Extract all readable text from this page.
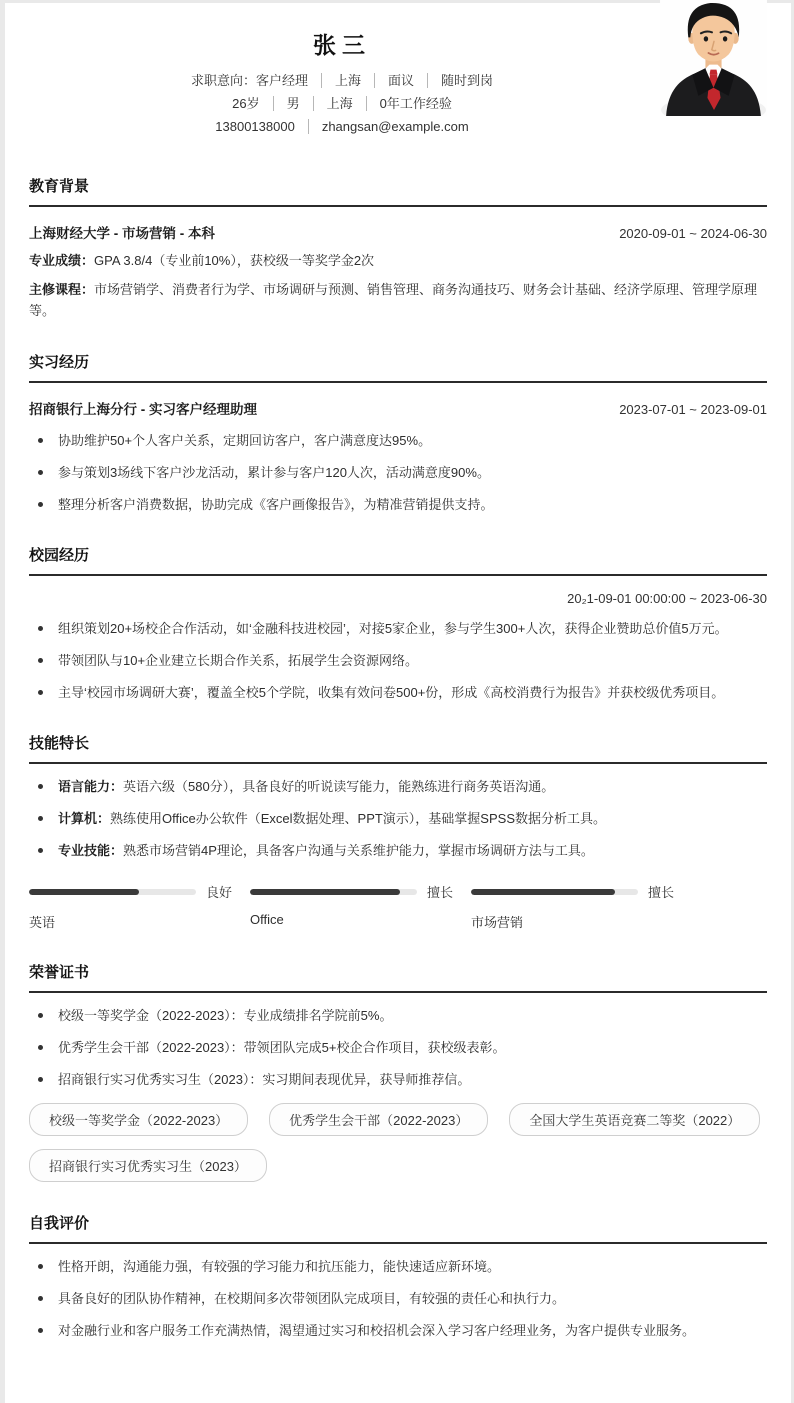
张三
求职意向：客户经理	上海	面议	随时到岗
26岁	男	上海	0年工作经验
13800138000	zhangsan@example.com
教育背景
上海财经大学 - 市场营销 - 本科	2020-09-01 ~ 2024-06-30
专业成绩：GPA 3.8/4（专业前10%），获校级一等奖学金2次
主修课程：市场营销学、消费者行为学、市场调研与预测、销售管理、商务沟通技巧、财务会计基础、经济学原理、管理学原理等。
实习经历
招商银行上海分行 - 实习客户经理助理	2023-07-01 ~ 2023-09-01
协助维护50+个人客户关系，定期回访客户，客户满意度达95%。
参与策划3场线下客户沙龙活动，累计参与客户120人次，活动满意度90%。
整理分析客户消费数据，协助完成《客户画像报告》，为精准营销提供支持。
校园经历
20₂1-09-01 00:00:00 ~ 2023-06-30
组织策划20+场校企合作活动，如‘金融科技进校园’，对接5家企业，参与学生300+人次，获得企业赞助总价值5万元。
带领团队与10+企业建立长期合作关系，拓展学生会资源网络。
主导‘校园市场调研大赛’，覆盖全校5个学院，收集有效问卷500+份，形成《高校消费行为报告》并获校级优秀项目。
技能特长
语言能力：英语六级（580分），具备良好的听说读写能力，能熟练进行商务英语沟通。
计算机：熟练使用Office办公软件（Excel数据处理、PPT演示），基础掌握SPSS数据分析工具。
专业技能：熟悉市场营销4P理论，具备客户沟通与关系维护能力，掌握市场调研方法与工具。
良好
英语
擅长
Office
擅长
市场营销
荣誉证书
校级一等奖学金（2022-2023）：专业成绩排名学院前5%。
优秀学生会干部（2022-2023）：带领团队完成5+校企合作项目，获校级表彰。
招商银行实习优秀实习生（2023）：实习期间表现优异，获导师推荐信。
校级一等奖学金（2022-2023）	优秀学生会干部（2022-2023）	全国大学生英语竞赛二等奖（2022）
招商银行实习优秀实习生（2023）
自我评价
性格开朗，沟通能力强，有较强的学习能力和抗压能力，能快速适应新环境。
具备良好的团队协作精神，在校期间多次带领团队完成项目，有较强的责任心和执行力。
对金融行业和客户服务工作充满热情，渴望通过实习和校招机会深入学习客户经理业务，为客户提供专业服务。
